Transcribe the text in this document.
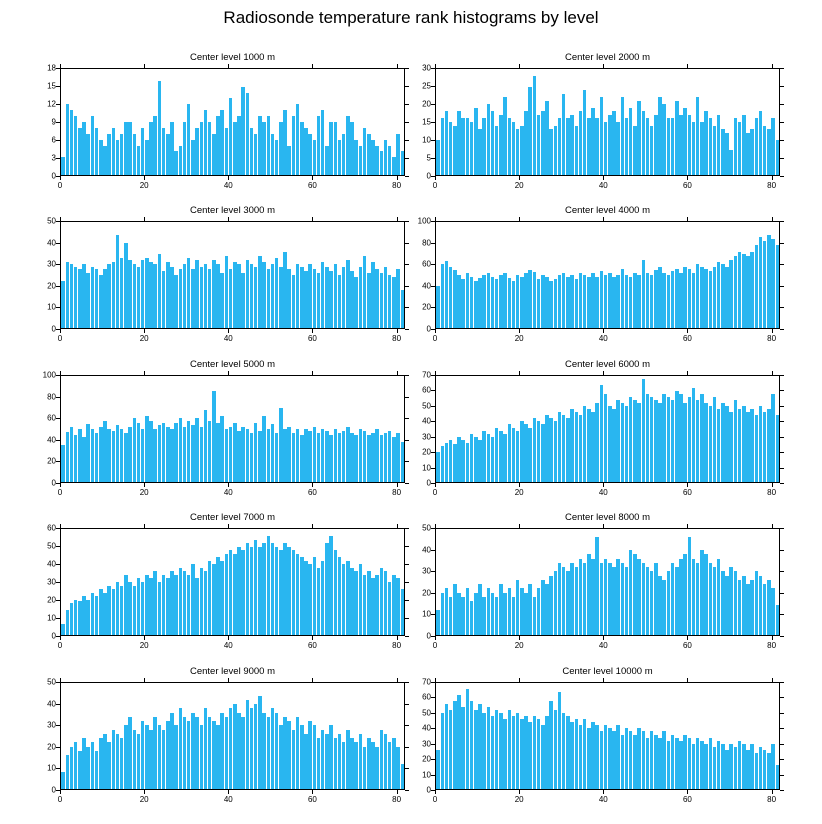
Radiosonde temperature rank histograms by level
Center level 1000 m
0
3
6
9
12
15
18
0	20	40	60	80
Center level 2000 m
0
5
10
15
20
25
30
0	20	40	60	80
Center level 3000 m
0
10
20
30
40
50
0	20	40	60	80
Center level 4000 m
0
20
40
60
80
100
0	20	40	60	80
Center level 5000 m
0
20
40
60
80
100
0	20	40	60	80
Center level 6000 m
0
10
20
30
40
50
60
70
0	20	40	60	80
Center level 7000 m
0
10
20
30
40
50
60
0	20	40	60	80
Center level 8000 m
0
10
20
30
40
50
0	20	40	60	80
Center level 9000 m
0
10
20
30
40
50
0	20	40	60	80
Center level 10000 m
0
10
20
30
40
50
60
70
0	20	40	60	80
